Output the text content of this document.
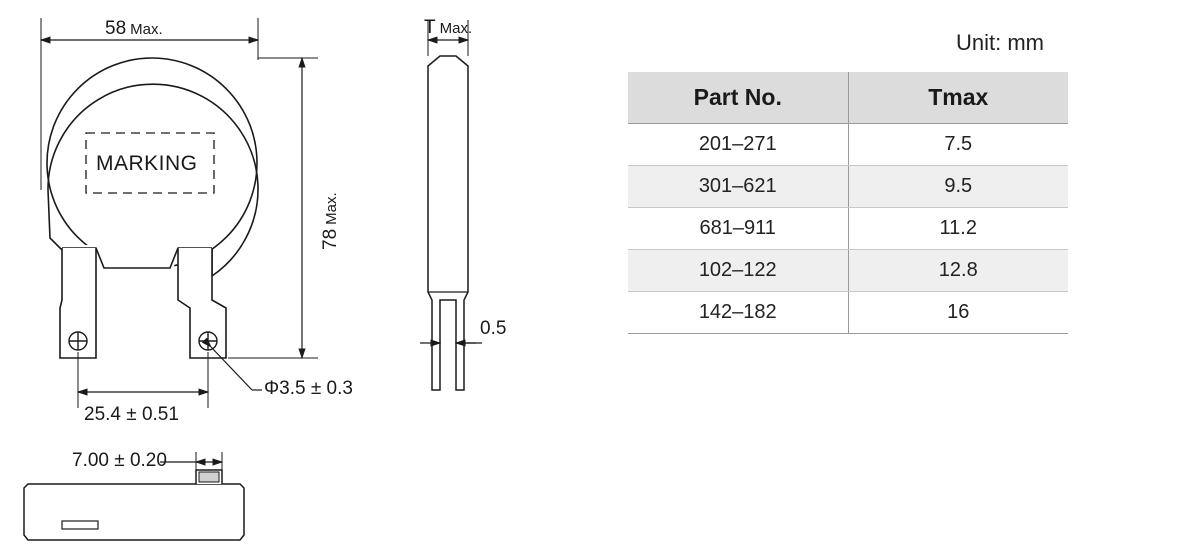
58 Max.
78Max.
MARKING
25.4 ± 0.51
Φ3.5 ± 0.3
T Max.
0.5
7.00 ± 0.20
Unit: mm
Part No.	Tmax
201–271	7.5
301–621	9.5
681–911	11.2
102–122	12.8
142–182	16
